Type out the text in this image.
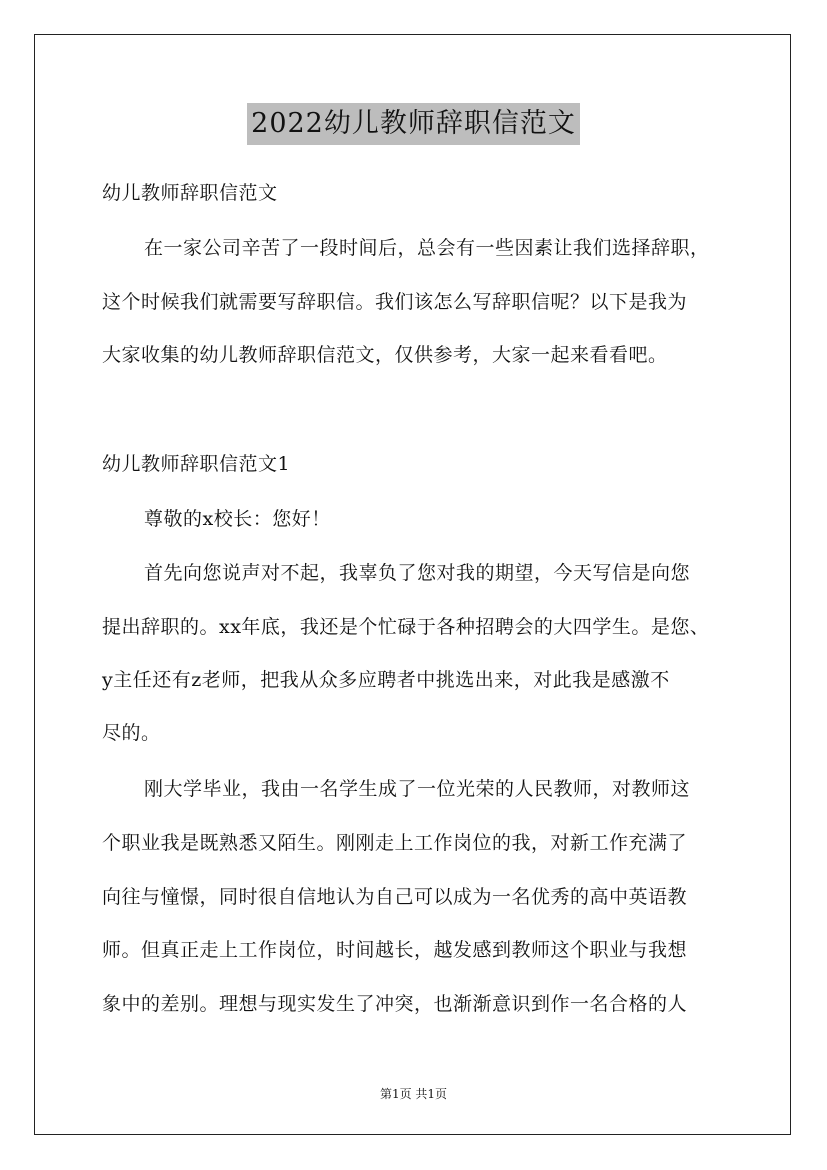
2022幼儿教师辞职信范文
幼儿教师辞职信范文
在一家公司辛苦了一段时间后，总会有一些因素让我们选择辞职，
这个时候我们就需要写辞职信。我们该怎么写辞职信呢？以下是我为
大家收集的幼儿教师辞职信范文，仅供参考，大家一起来看看吧。
幼儿教师辞职信范文1
尊敬的x校长：您好！
首先向您说声对不起，我辜负了您对我的期望，今天写信是向您
提出辞职的。xx年底，我还是个忙碌于各种招聘会的大四学生。是您、
y主任还有z老师，把我从众多应聘者中挑选出来，对此我是感激不
尽的。
刚大学毕业，我由一名学生成了一位光荣的人民教师，对教师这
个职业我是既熟悉又陌生。刚刚走上工作岗位的我，对新工作充满了
向往与憧憬，同时很自信地认为自己可以成为一名优秀的高中英语教
师。但真正走上工作岗位，时间越长，越发感到教师这个职业与我想
象中的差别。理想与现实发生了冲突，也渐渐意识到作一名合格的人
第1页 共1页
